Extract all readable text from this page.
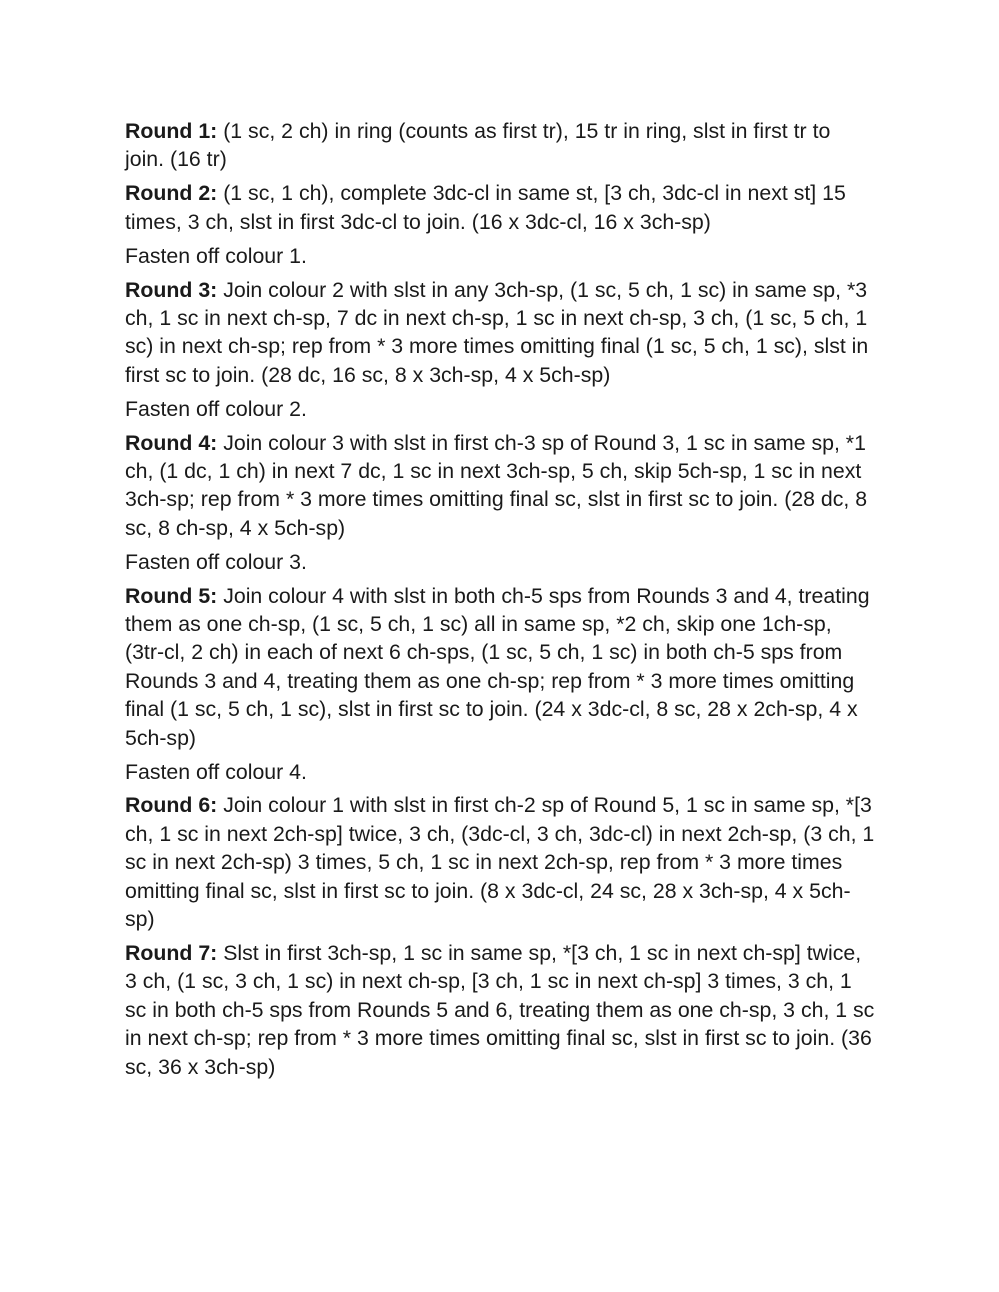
Round 1: (1 sc, 2 ch) in ring (counts as first tr), 15 tr in ring, slst in first tr to join. (16 tr)

Round 2: (1 sc, 1 ch), complete 3dc-cl in same st, [3 ch, 3dc-cl in next st] 15 times, 3 ch, slst in first 3dc-cl to join. (16 x 3dc-cl, 16 x 3ch-sp)

Fasten off colour 1.

Round 3: Join colour 2 with slst in any 3ch-sp, (1 sc, 5 ch, 1 sc) in same sp, *3 ch, 1 sc in next ch-sp, 7 dc in next ch-sp, 1 sc in next ch-sp, 3 ch, (1 sc, 5 ch, 1 sc) in next ch-sp; rep from * 3 more times omitting final (1 sc, 5 ch, 1 sc), slst in first sc to join. (28 dc, 16 sc, 8 x 3ch-sp, 4 x 5ch-sp)

Fasten off colour 2.

Round 4: Join colour 3 with slst in first ch-3 sp of Round 3, 1 sc in same sp, *1 ch, (1 dc, 1 ch) in next 7 dc, 1 sc in next 3ch-sp, 5 ch, skip 5ch-sp, 1 sc in next 3ch-sp; rep from * 3 more times omitting final sc, slst in first sc to join. (28 dc, 8 sc, 8 ch-sp, 4 x 5ch-sp)

Fasten off colour 3.

Round 5: Join colour 4 with slst in both ch-5 sps from Rounds 3 and 4, treating them as one ch-sp, (1 sc, 5 ch, 1 sc) all in same sp, *2 ch, skip one 1ch-sp, (3tr-cl, 2 ch) in each of next 6 ch-sps, (1 sc, 5 ch, 1 sc) in both ch-5 sps from Rounds 3 and 4, treating them as one ch-sp; rep from * 3 more times omitting final (1 sc, 5 ch, 1 sc), slst in first sc to join. (24 x 3dc-cl, 8 sc, 28 x 2ch-sp, 4 x 5ch-sp)

Fasten off colour 4.

Round 6: Join colour 1 with slst in first ch-2 sp of Round 5, 1 sc in same sp, *[3 ch, 1 sc in next 2ch-sp] twice, 3 ch, (3dc-cl, 3 ch, 3dc-cl) in next 2ch-sp, (3 ch, 1 sc in next 2ch-sp) 3 times, 5 ch, 1 sc in next 2ch-sp, rep from * 3 more times omitting final sc, slst in first sc to join. (8 x 3dc-cl, 24 sc, 28 x 3ch-sp, 4 x 5ch-sp)

Round 7: Slst in first 3ch-sp, 1 sc in same sp, *[3 ch, 1 sc in next ch-sp] twice, 3 ch, (1 sc, 3 ch, 1 sc) in next ch-sp, [3 ch, 1 sc in next ch-sp] 3 times, 3 ch, 1 sc in both ch-5 sps from Rounds 5 and 6, treating them as one ch-sp, 3 ch, 1 sc in next ch-sp; rep from * 3 more times omitting final sc, slst in first sc to join. (36 sc, 36 x 3ch-sp)
